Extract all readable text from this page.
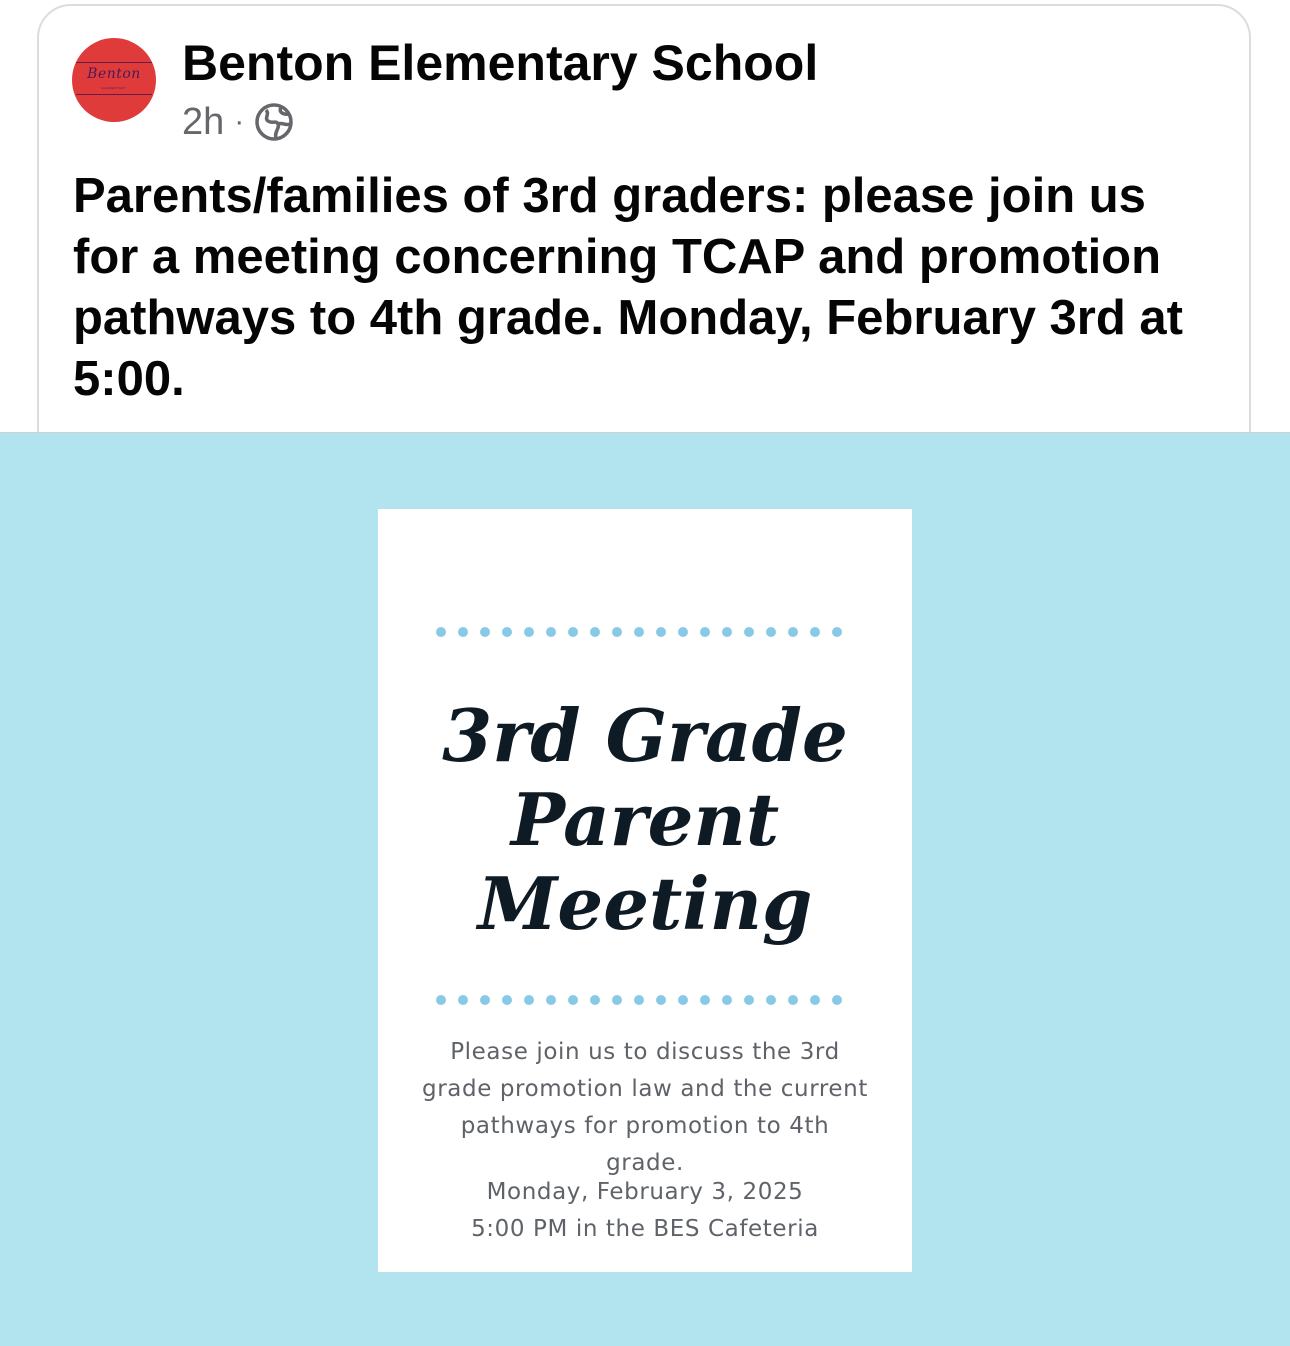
Benton
ELEMENTARY	Benton Elementary School
2h ·
Parents/families of 3rd graders: please join us for a meeting concerning TCAP and promotion pathways to 4th grade. Monday, February 3rd at 5:00.
3rd Grade
Parent
Meeting
Please join us to discuss the 3rd grade promotion law and the current pathways for promotion to 4th grade.
Monday, February 3, 2025
5:00 PM in the BES Cafeteria
